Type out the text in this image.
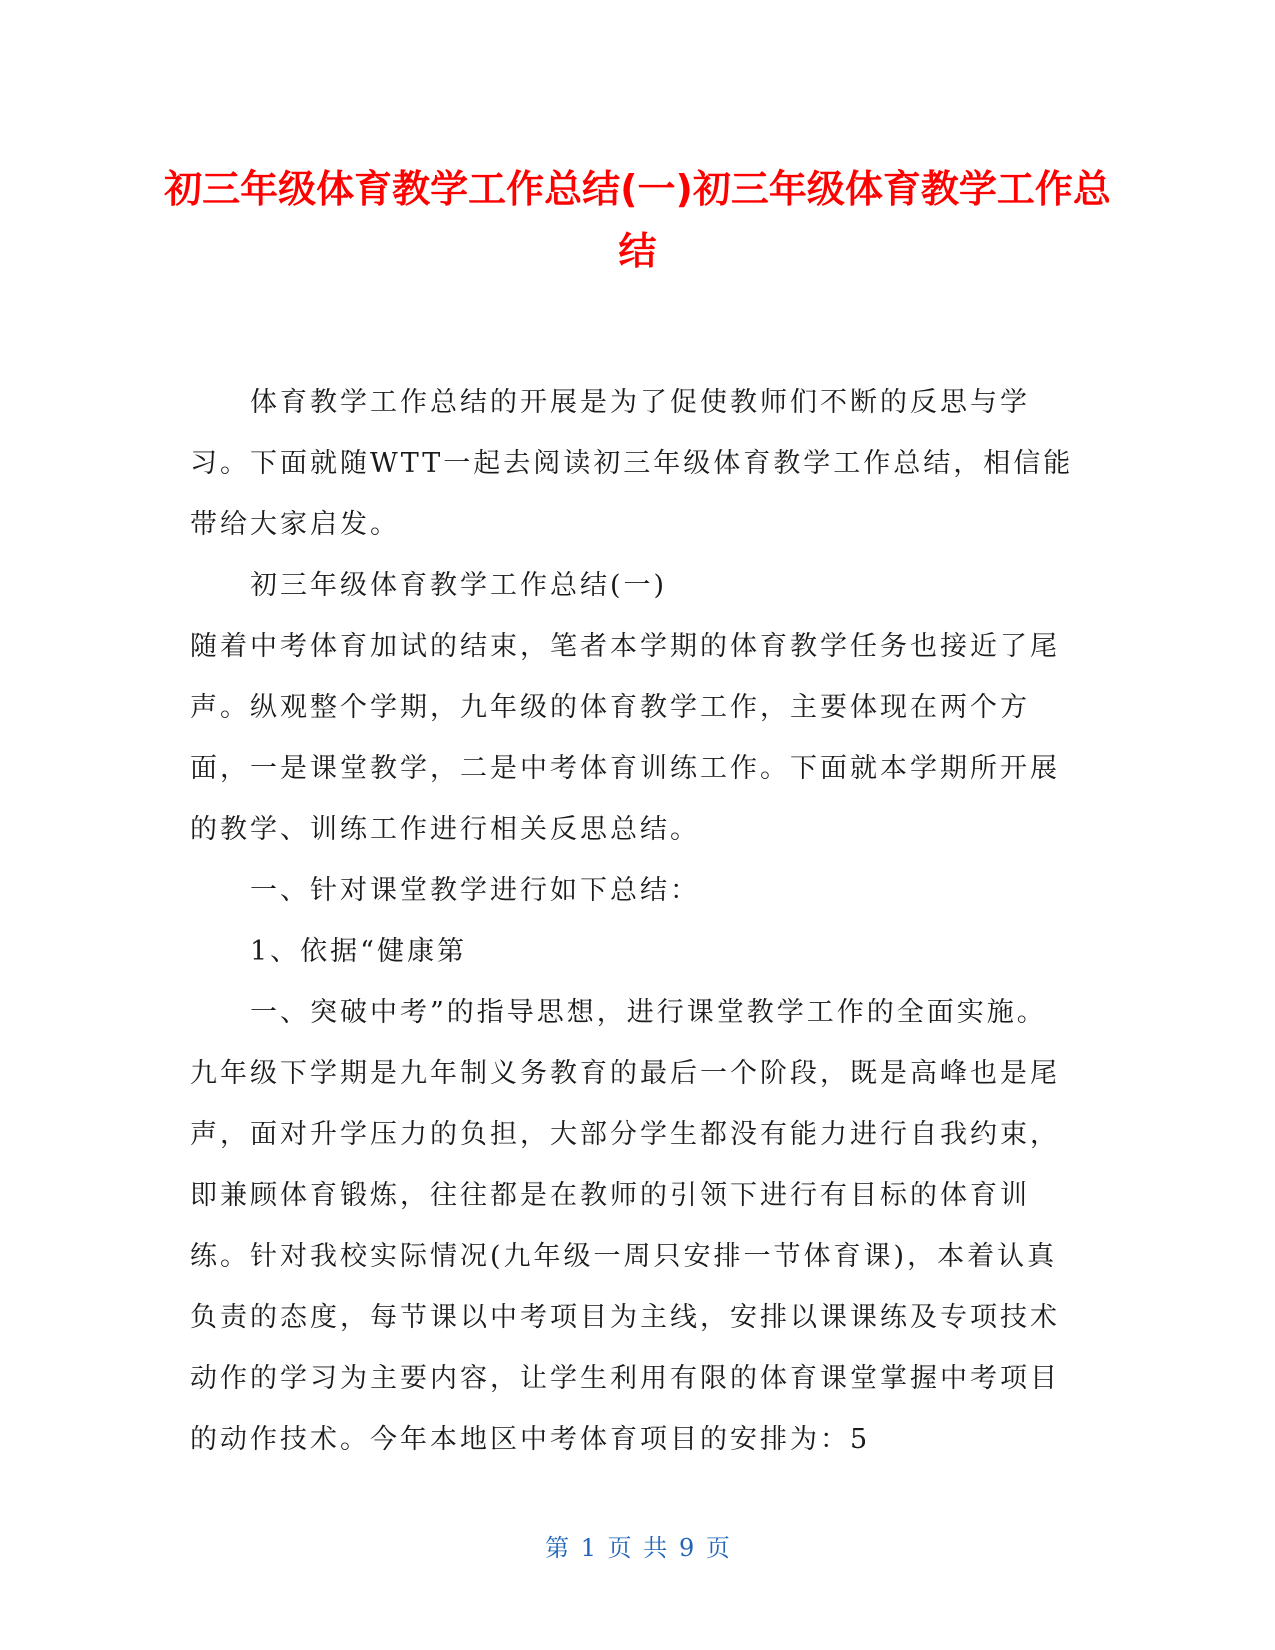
初三年级体育教学工作总结(一)初三年级体育教学工作总结

体育教学工作总结的开展是为了促使教师们不断的反思与学习。下面就随WTT一起去阅读初三年级体育教学工作总结，相信能带给大家启发。

初三年级体育教学工作总结(一)

随着中考体育加试的结束，笔者本学期的体育教学任务也接近了尾声。纵观整个学期，九年级的体育教学工作，主要体现在两个方面，一是课堂教学，二是中考体育训练工作。下面就本学期所开展的教学、训练工作进行相关反思总结。

一、针对课堂教学进行如下总结：

1、依据“健康第

一、突破中考”的指导思想，进行课堂教学工作的全面实施。九年级下学期是九年制义务教育的最后一个阶段，既是高峰也是尾声，面对升学压力的负担，大部分学生都没有能力进行自我约束，即兼顾体育锻炼，往往都是在教师的引领下进行有目标的体育训练。针对我校实际情况(九年级一周只安排一节体育课)，本着认真负责的态度，每节课以中考项目为主线，安排以课课练及专项技术动作的学习为主要内容，让学生利用有限的体育课堂掌握中考项目的动作技术。今年本地区中考体育项目的安排为：5

第 1 页 共 9 页
